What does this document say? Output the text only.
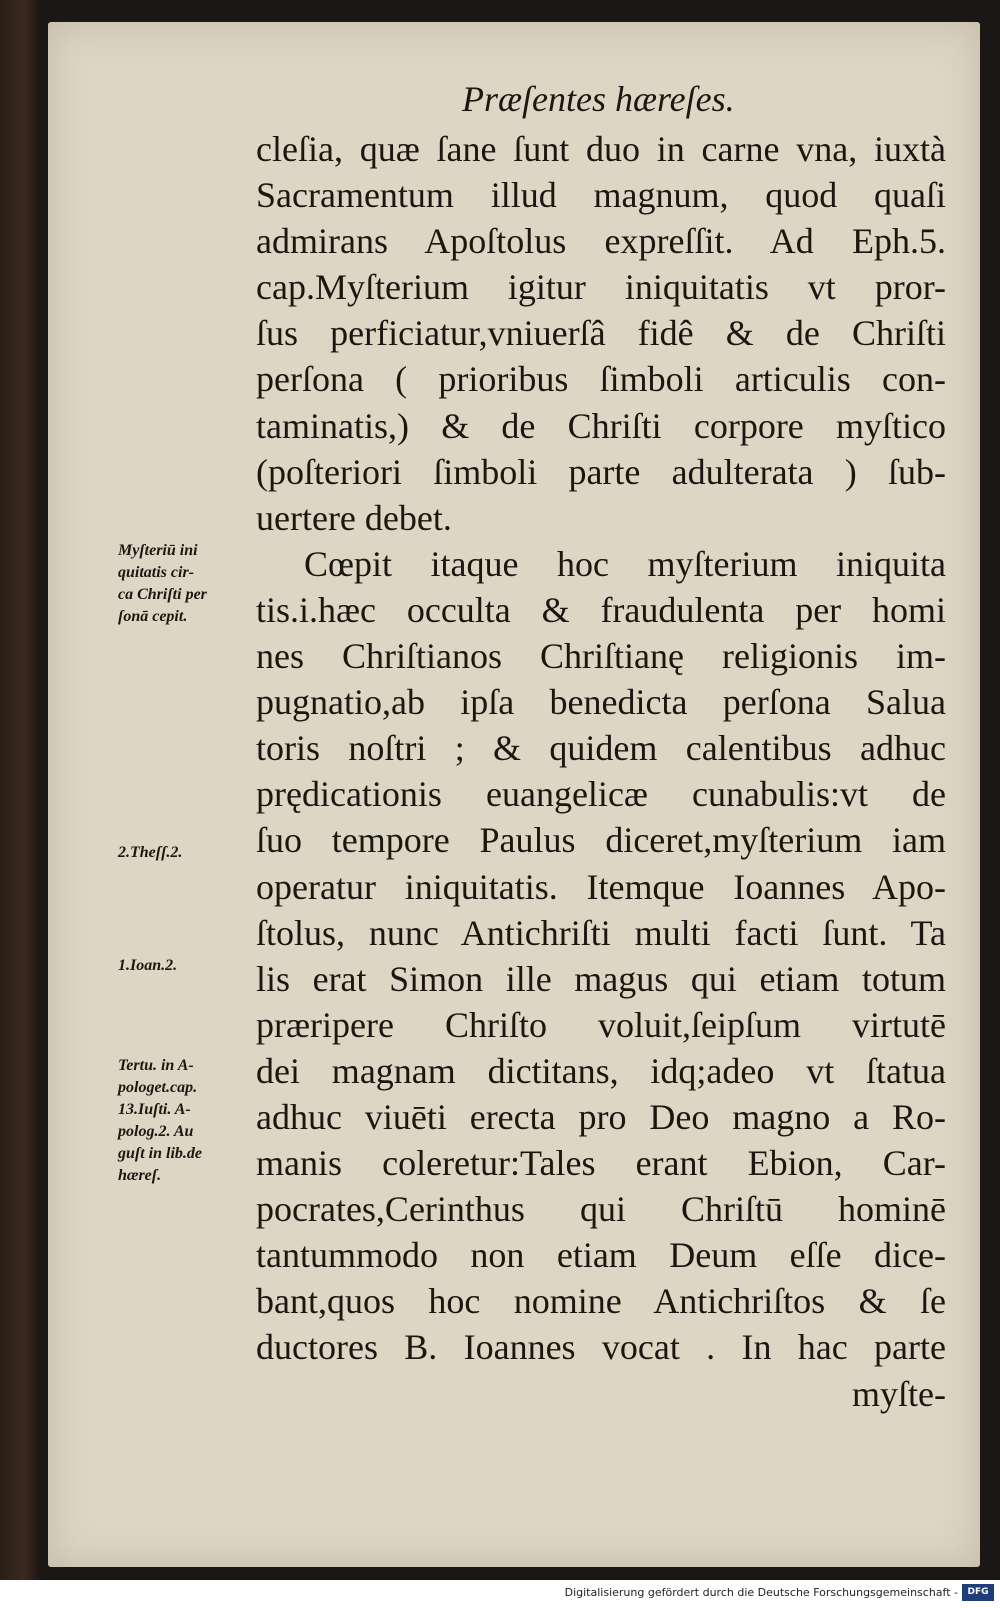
Præſentes hæreſes.
cleſia, quæ ſane ſunt duo in carne vna, iuxtà
Sacramentum illud magnum, quod quaſi
admirans Apoſtolus expreſſit. Ad Eph.5.
cap.Myſterium igitur iniquitatis vt pror-
ſus perficiatur,vniuerſâ fidê & de Chriſti
perſona ( prioribus ſimboli articulis con-
taminatis,) & de Chriſti corpore myſtico
(poſteriori ſimboli parte adulterata ) ſub-
uertere debet.
Cœpit itaque hoc myſterium iniquita
tis.i.hæc occulta & fraudulenta per homi
nes Chriſtianos Chriſtianę religionis im-
pugnatio,ab ipſa benedicta perſona Salua
toris noſtri ; & quidem calentibus adhuc
prędicationis euangelicæ cunabulis:vt de
ſuo tempore Paulus diceret,myſterium iam
operatur iniquitatis. Itemque Ioannes Apo-
ſtolus, nunc Antichriſti multi facti ſunt. Ta
lis erat Simon ille magus qui etiam totum
præripere Chriſto voluit,ſeipſum virtutē
dei magnam dictitans, idq;adeo vt ſtatua
adhuc viuēti erecta pro Deo magno a Ro-
manis coleretur:Tales erant Ebion, Car-
pocrates,Cerinthus qui Chriſtū hominē
tantummodo non etiam Deum eſſe dice-
bant,quos hoc nomine Antichriſtos & ſe
ductores B. Ioannes vocat . In hac parte
myſte-
Myſteriū ini
quitatis cir-
ca Chriſti per
ſonā cepit.
2.Theſſ.2.
1.Ioan.2.
Tertu. in A-
pologet.cap.
13.Iuſti. A-
polog.2. Au
guſt in lib.de
hæreſ.
Digitalisierung gefördert durch die Deutsche Forschungsgemeinschaft -	DFG
